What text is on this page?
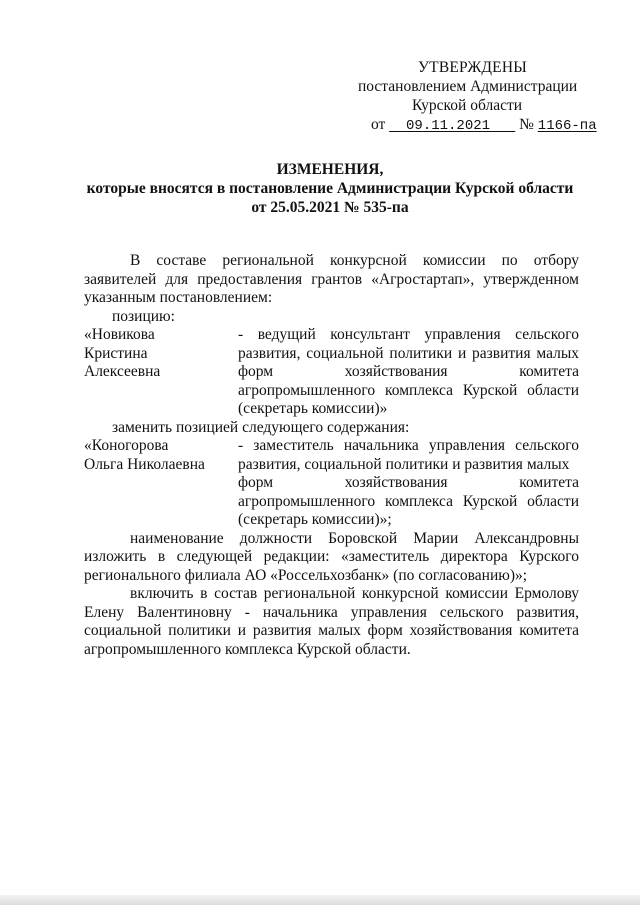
УТВЕРЖДЕНЫ
постановлением Администрации
Курской области
от 09.11.2021 № 1166-па
ИЗМЕНЕНИЯ,
которые вносятся в постановление Администрации Курской области
от 25.05.2021 № 535-па

В составе региональной конкурсной комиссии по отбору заявителей для предоставления грантов «Агростартап», утвержденном указанным постановлением:

позицию:

«Новикова
Кристина
Алексеевна
- ведущий консультант управления сельского развития, социальной политики и развития малых форм хозяйствования комитета агропромышленного комплекса Курской области (секретарь комиссии)»

заменить позицией следующего содержания:

«Коногорова
Ольга Николаевна
- заместитель начальника управления сельского развития, социальной политики и развития малых
форм хозяйствования комитета
агропромышленного комплекса Курской области (секретарь комиссии)»;

наименование должности Боровской Марии Александровны изложить в следующей редакции: «заместитель директора Курского регионального филиала АО «Россельхозбанк» (по согласованию)»;

включить в состав региональной конкурсной комиссии Ермолову Елену Валентиновну - начальника управления сельского развития, социальной политики и развития малых форм хозяйствования комитета агропромышленного комплекса Курской области.
